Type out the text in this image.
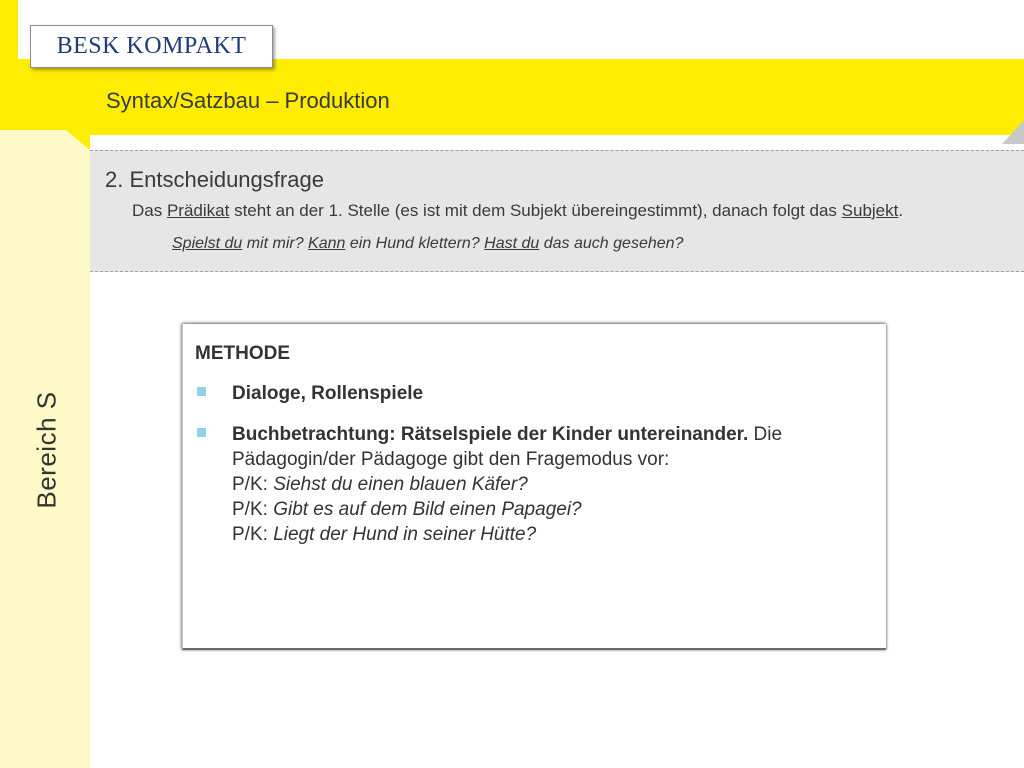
Bereich S
BESK KOMPAKT
Syntax/Satzbau – Produktion
2. Entscheidungsfrage
Das Prädikat steht an der 1. Stelle (es ist mit dem Subjekt übereingestimmt), danach folgt das Subjekt.
Spielst du mit mir? Kann ein Hund klettern? Hast du das auch gesehen?
METHODE
Dialoge, Rollenspiele
Buchbetrachtung: Rätselspiele der Kinder untereinander. Die Pädagogin/der Pädagoge gibt den Fragemodus vor:
P/K: Siehst du einen blauen Käfer?
P/K: Gibt es auf dem Bild einen Papagei?
P/K: Liegt der Hund in seiner Hütte?
